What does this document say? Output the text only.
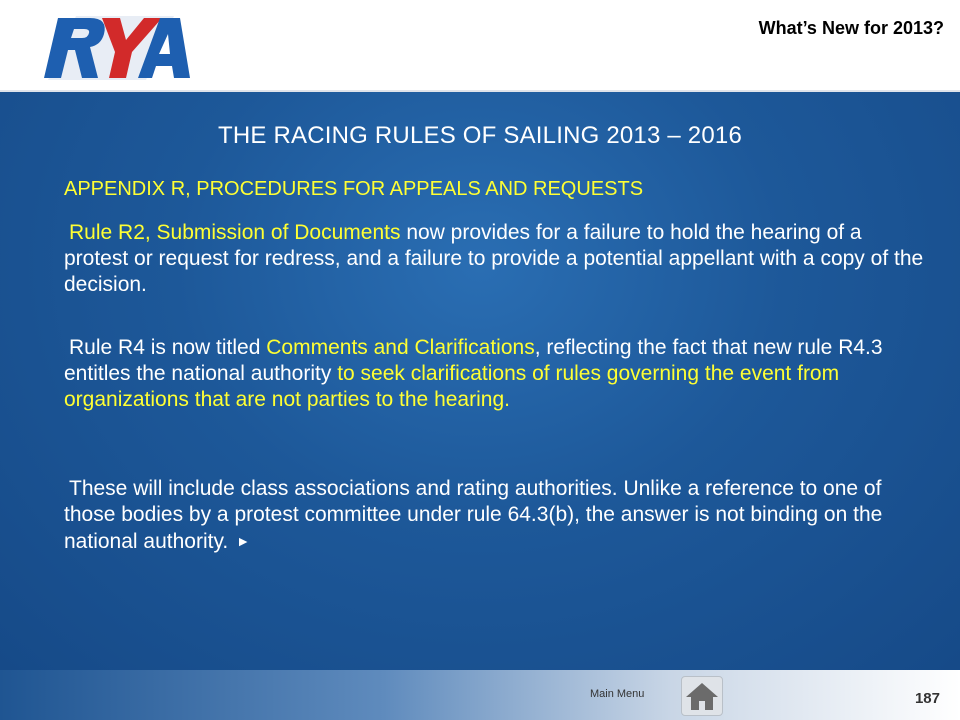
What’s New for 2013?
THE RACING RULES OF SAILING 2013 – 2016
APPENDIX R, PROCEDURES FOR APPEALS AND REQUESTS
Rule R2, Submission of Documents now provides for a failure to hold the hearing of a protest or request for redress, and a failure to provide a potential appellant with a copy of the decision.
Rule R4 is now titled Comments and Clarifications, reflecting the fact that new rule R4.3 entitles the national authority to seek clarifications of rules governing the event from organizations that are not parties to the hearing.
These will include class associations and rating authorities. Unlike a reference to one of those bodies by a protest committee under rule 64.3(b), the answer is not binding on the national authority. ►
Main Menu	187
